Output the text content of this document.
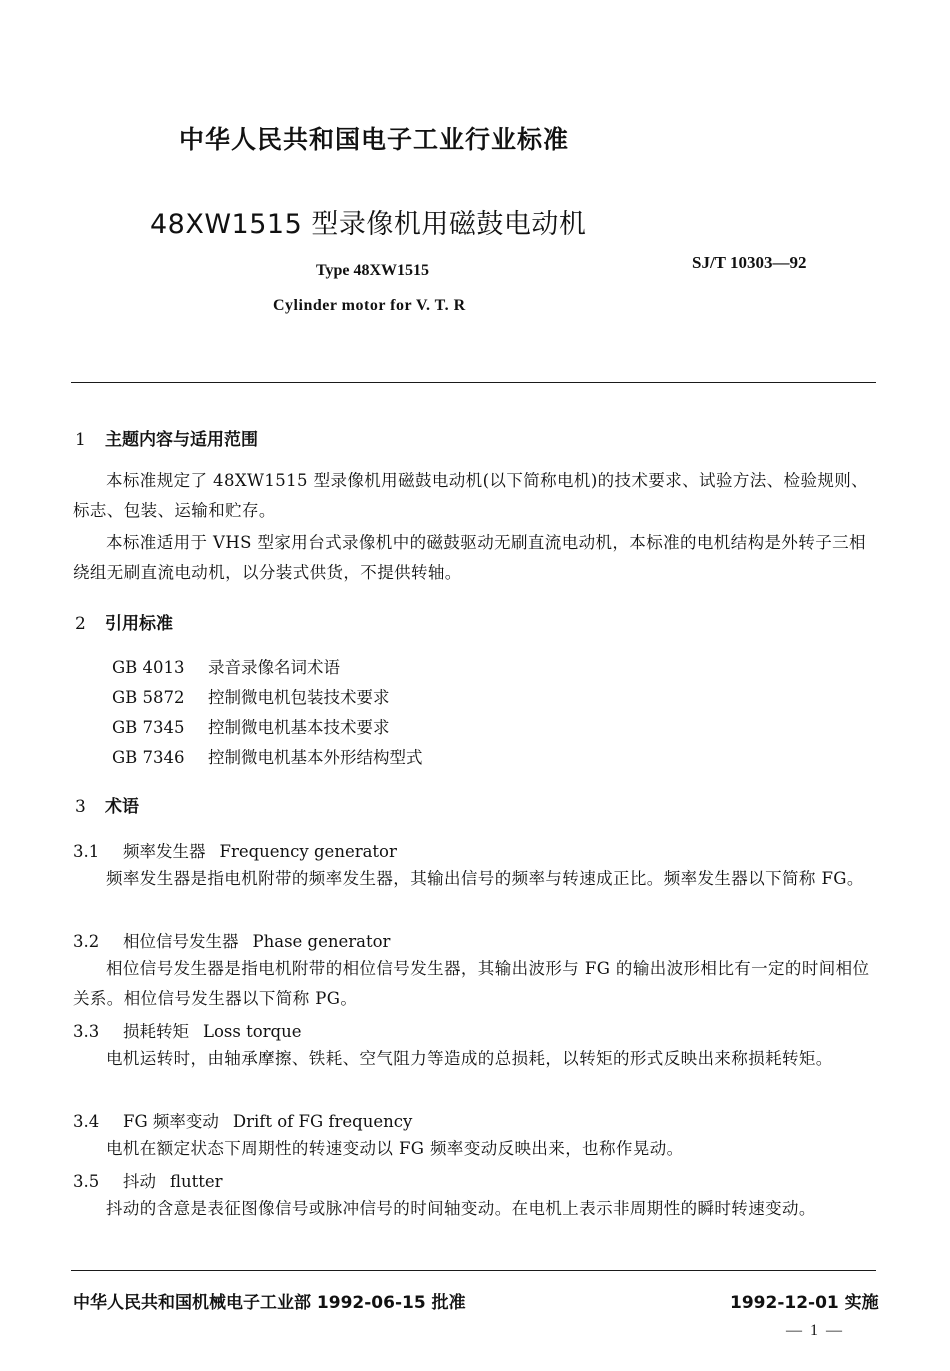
中华人民共和国电子工业行业标准
48XW1515 型录像机用磁鼓电动机
Type 48XW1515	SJ/T 10303—92
Cylinder motor for V. T. R
1 主题内容与适用范围
本标准规定了 48XW1515 型录像机用磁鼓电动机(以下简称电机)的技术要求、试验方法、检验规则、标志、包装、运输和贮存。
本标准适用于 VHS 型家用台式录像机中的磁鼓驱动无刷直流电动机，本标准的电机结构是外转子三相绕组无刷直流电动机，以分装式供货，不提供转轴。
2 引用标准
GB 4013 录音录像名词术语
GB 5872 控制微电机包装技术要求
GB 7345 控制微电机基本技术要求
GB 7346 控制微电机基本外形结构型式
3 术语
3.1 频率发生器 Frequency generator
频率发生器是指电机附带的频率发生器，其输出信号的频率与转速成正比。频率发生器以下简称 FG。
3.2 相位信号发生器 Phase generator
相位信号发生器是指电机附带的相位信号发生器，其输出波形与 FG 的输出波形相比有一定的时间相位关系。相位信号发生器以下简称 PG。
3.3 损耗转矩 Loss torque
电机运转时，由轴承摩擦、铁耗、空气阻力等造成的总损耗，以转矩的形式反映出来称损耗转矩。
3.4 FG 频率变动 Drift of FG frequency
电机在额定状态下周期性的转速变动以 FG 频率变动反映出来，也称作晃动。
3.5 抖动 flutter
抖动的含意是表征图像信号或脉冲信号的时间轴变动。在电机上表示非周期性的瞬时转速变动。
中华人民共和国机械电子工业部 1992-06-15 批准	1992-12-01 实施
— 1 —
